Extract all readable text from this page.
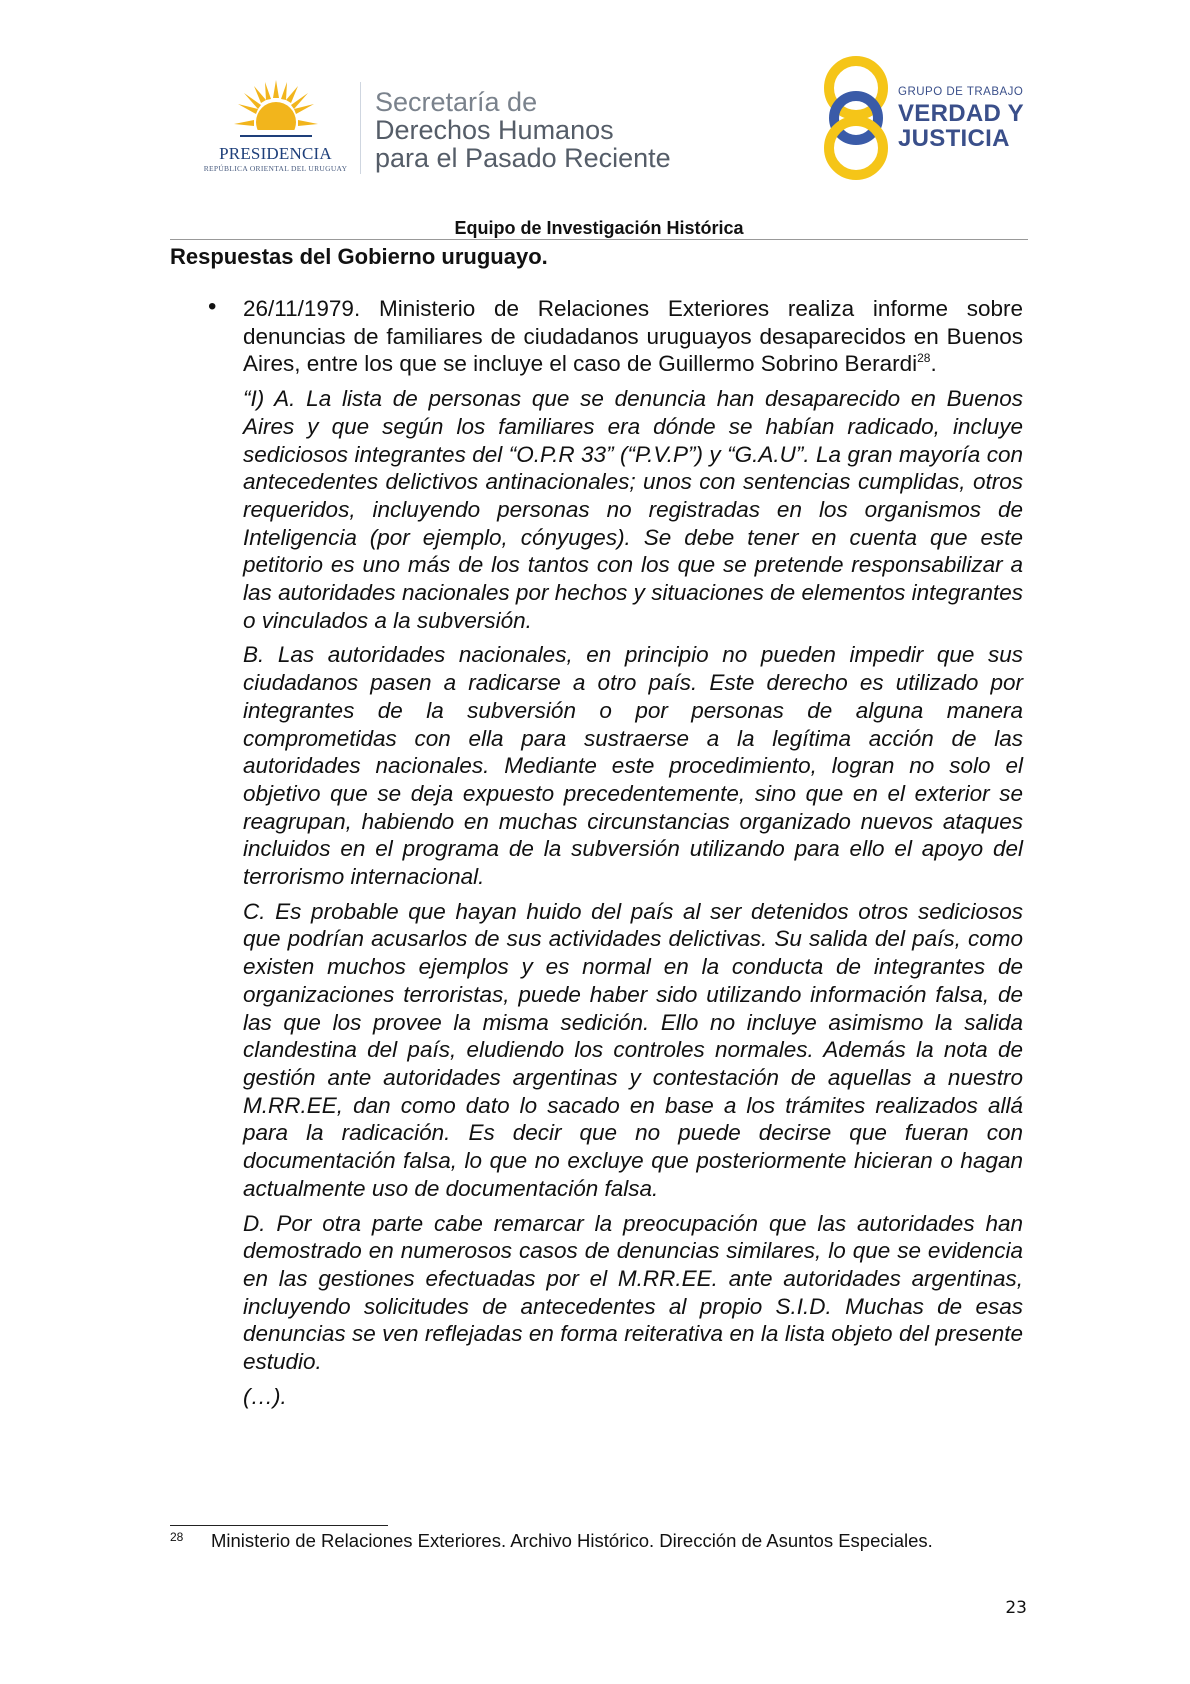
PRESIDENCIA
REPÚBLICA ORIENTAL DEL URUGUAY
Secretaría de
Derechos Humanos
para el Pasado Reciente
GRUPO DE TRABAJO
VERDAD Y
JUSTICIA
Equipo de Investigación Histórica
Respuestas del Gobierno uruguayo.
• 26/11/1979. Ministerio de Relaciones Exteriores realiza informe sobre denuncias de familiares de ciudadanos uruguayos desaparecidos en Buenos Aires, entre los que se incluye el caso de Guillermo Sobrino Berardi$^{28}$.

“I) A. La lista de personas que se denuncia han desaparecido en Buenos Aires y que según los familiares era dónde se habían radicado, incluye sediciosos integrantes del “O.P.R 33” (“P.V.P”) y “G.A.U”. La gran mayoría con antecedentes delictivos antinacionales; unos con sentencias cumplidas, otros requeridos, incluyendo personas no registradas en los organismos de Inteligencia (por ejemplo, cónyuges). Se debe tener en cuenta que este petitorio es uno más de los tantos con los que se pretende responsabilizar a las autoridades nacionales por hechos y situaciones de elementos integrantes o vinculados a la subversión.

B. Las autoridades nacionales, en principio no pueden impedir que sus ciudadanos pasen a radicarse a otro país. Este derecho es utilizado por integrantes de la subversión o por personas de alguna manera comprometidas con ella para sustraerse a la legítima acción de las autoridades nacionales. Mediante este procedimiento, logran no solo el objetivo que se deja expuesto precedentemente, sino que en el exterior se reagrupan, habiendo en muchas circunstancias organizado nuevos ataques incluidos en el programa de la subversión utilizando para ello el apoyo del terrorismo internacional.

C. Es probable que hayan huido del país al ser detenidos otros sediciosos que podrían acusarlos de sus actividades delictivas. Su salida del país, como existen muchos ejemplos y es normal en la conducta de integrantes de organizaciones terroristas, puede haber sido utilizando información falsa, de las que los provee la misma sedición. Ello no incluye asimismo la salida clandestina del país, eludiendo los controles normales. Además la nota de gestión ante autoridades argentinas y contestación de aquellas a nuestro M.RR.EE, dan como dato lo sacado en base a los trámites realizados allá para la radicación. Es decir que no puede decirse que fueran con documentación falsa, lo que no excluye que posteriormente hicieran o hagan actualmente uso de documentación falsa.

D. Por otra parte cabe remarcar la preocupación que las autoridades han demostrado en numerosos casos de denuncias similares, lo que se evidencia en las gestiones efectuadas por el M.RR.EE. ante autoridades argentinas, incluyendo solicitudes de antecedentes al propio S.I.D. Muchas de esas denuncias se ven reflejadas en forma reiterativa en la lista objeto del presente estudio.

(…).

28 Ministerio de Relaciones Exteriores. Archivo Histórico. Dirección de Asuntos Especiales.
23
